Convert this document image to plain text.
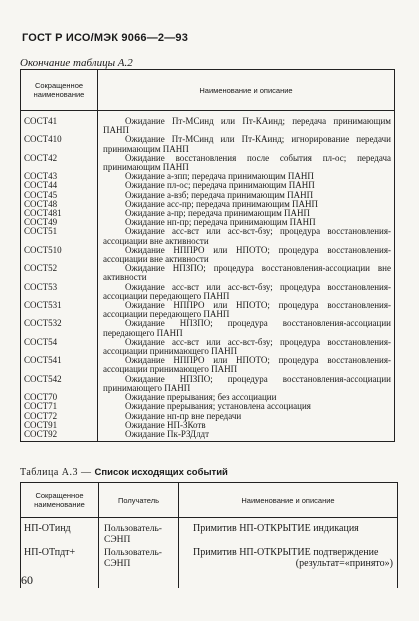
ГОСТ Р ИСО/МЭК 9066—2—93
Окончание таблицы А.2
Сокращенное наименование	Наименование и описание
СОСТ41	Ожидание Пт-МСинд или Пт-КАинд; передача принимающим ПАНП
СОСТ410	Ожидание Пт-МСинд или Пт-КАинд; игнорирование передачи принимающим ПАНП
СОСТ42	Ожидание восстановления после события пл-ос; передача принимающим ПАНП
СОСТ43	Ожидание а-зпп; передача принимающим ПАНП
СОСТ44	Ожидание пл-ос; передача принимающим ПАНП
СОСТ45	Ожидание а-взб; передача принимающим ПАНП
СОСТ48	Ожидание асс-пр; передача принимающим ПАНП
СОСТ481	Ожидание а-пр; передача принимающим ПАНП
СОСТ49	Ожидание нп-пр; передача принимающим ПАНП
СОСТ51	Ожидание асс-вст или асс-вст-бзу; процедура восстановления-ассоциации вне активности
СОСТ510	Ожидание НППРО или НПОТО; процедура восстановления-ассоциации вне активности
СОСТ52	Ожидание НПЗПО; процедура восстановления-ассоциации вне активности
СОСТ53	Ожидание асс-вст или асс-вст-бзу; процедура восстановления-ассоциации передающего ПАНП
СОСТ531	Ожидание НППРО или НПОТО; процедура восстановления-ассоциации передающего ПАНП
СОСТ532	Ожидание НПЗПО; процедура восстановления-ассоциации передающего ПАНП
СОСТ54	Ожидание асс-вст или асс-вст-бзу; процедура восстановления-ассоциации принимающего ПАНП
СОСТ541	Ожидание НППРО или НПОТО; процедура восстановления-ассоциации принимающего ПАНП
СОСТ542	Ожидание НПЗПО; процедура восстановления-ассоциации принимающего ПАНП
СОСТ70	Ожидание прерывания; без ассоциации
СОСТ71	Ожидание прерывания; установлена ассоциация
СОСТ72	Ожидание нп-пр вне передачи
СОСТ91	Ожидание НП-ЗКотв
СОСТ92	Ожидание Пк-РЗДлдт
Таблица А.3 — Список исходящих событий
Сокращенное наименование	Получатель	Наименование и описание
НП-ОТинд	Пользователь-СЭНП	Примитив НП-ОТКРЫТИЕ индикация
НП-ОТпдт+	Пользователь-СЭНП	Примитив НП-ОТКРЫТИЕ подтверждение
(результат=«принято»)
60
